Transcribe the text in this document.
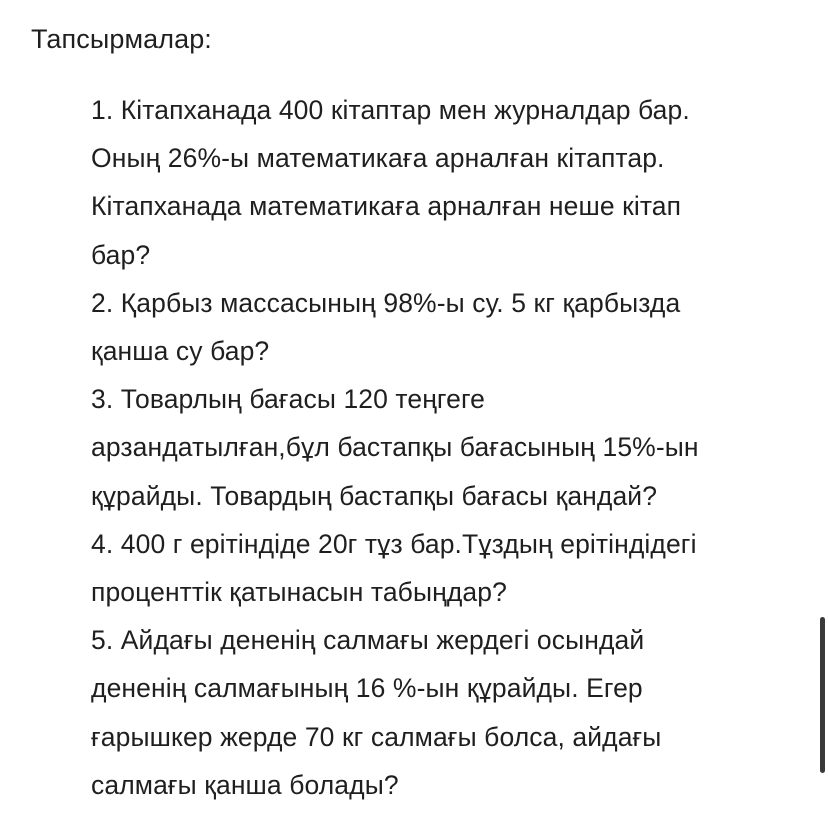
Тапсырмалар:
1. Кітапханада 400 кітаптар мен журналдар бар.
Оның 26%-ы математикаға арналған кітаптар.
Кітапханада математикаға арналған неше кітап
бар?
2. Қарбыз массасының 98%-ы су. 5 кг қарбызда
қанша су бар?
3. Товарлың бағасы 120 теңгеге
арзандатылған,бұл бастапқы бағасының 15%-ын
құрайды. Товардың бастапқы бағасы қандай?
4. 400 г ерітіндіде 20г тұз бар.Тұздың ерітіндідегі
проценттік қатынасын табыңдар?
5. Айдағы дененің салмағы жердегі осындай
дененің салмағының 16 %-ын құрайды. Егер
ғарышкер жерде 70 кг салмағы болса, айдағы
салмағы қанша болады?
